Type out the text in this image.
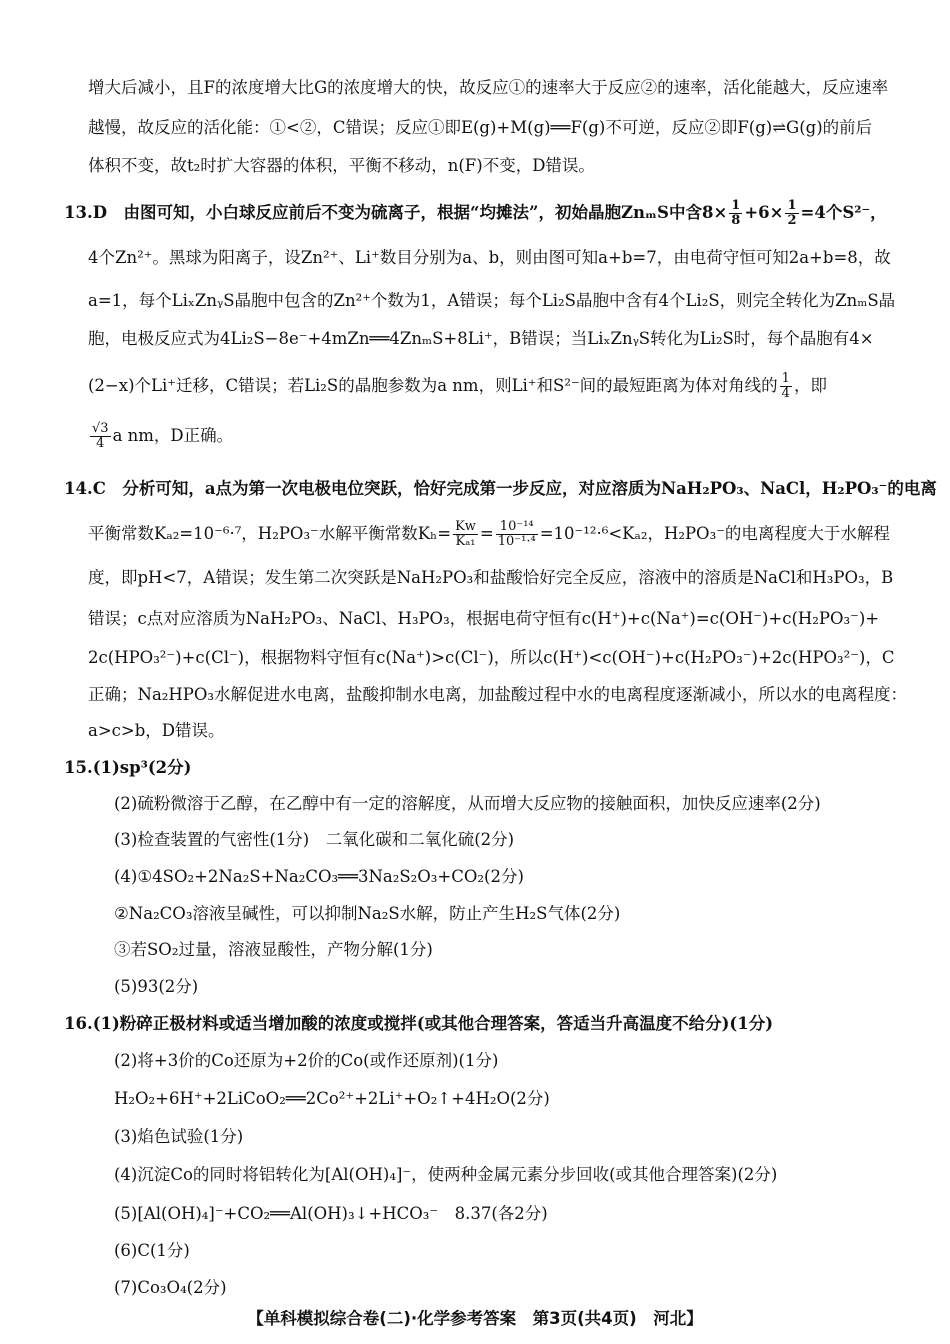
增大后减小，且F的浓度增大比G的浓度增大的快，故反应①的速率大于反应②的速率，活化能越大，反应速率
越慢，故反应的活化能：①<②，C错误；反应①即E(g)+M(g)══F(g)不可逆，反应②即F(g)⇌G(g)的前后
体积不变，故t₂时扩大容器的体积，平衡不移动，n(F)不变，D错误。
13.D　由图可知，小白球反应前后不变为硫离子，根据“均摊法”，初始晶胞ZnₘS中含$8\times \frac{1}{8} +6\times \frac{1}{2} =4$个S²⁻，
4个Zn²⁺。黑球为阳离子，设Zn²⁺、Li⁺数目分别为a、b，则由图可知a+b=7，由电荷守恒可知2a+b=8，故
a=1，每个LiₓZnᵧS晶胞中包含的Zn²⁺个数为1，A错误；每个Li₂S晶胞中含有4个Li₂S，则完全转化为ZnₘS晶
胞，电极反应式为4Li₂S−8e⁻+4mZn══4ZnₘS+8Li⁺，B错误；当LiₓZnᵧS转化为Li₂S时，每个晶胞有4×
(2−x)个Li⁺迁移，C错误；若Li₂S的晶胞参数为a nm，则Li⁺和S²⁻间的最短距离为体对角线的 $\frac{1}{4}$ ，即
$\frac{√3}{4}$ a nm，D正确。
14.C　分析可知，a点为第一次电极电位突跃，恰好完成第一步反应，对应溶质为NaH₂PO₃、NaCl，H₂PO₃⁻的电离
平衡常数Kₐ₂=10⁻⁶·⁷，H₂PO₃⁻水解平衡常数$K_h= \frac{Kw}{\text{Kₐ₁}} = \frac{\text{10⁻¹⁴}}{\text{10⁻¹·⁴}} =10^{-12}\cdot^6<K_{a2}$，H₂PO₃⁻的电离程度大于水解程
度，即pH<7，A错误；发生第二次突跃是NaH₂PO₃和盐酸恰好完全反应，溶液中的溶质是NaCl和H₃PO₃，B
错误；c点对应溶质为NaH₂PO₃、NaCl、H₃PO₃，根据电荷守恒有c(H⁺)+c(Na⁺)=c(OH⁻)+c(H₂PO₃⁻)+
2c(HPO₃²⁻)+c(Cl⁻)，根据物料守恒有c(Na⁺)>c(Cl⁻)，所以c(H⁺)<c(OH⁻)+c(H₂PO₃⁻)+2c(HPO₃²⁻)，C
正确；Na₂HPO₃水解促进水电离，盐酸抑制水电离，加盐酸过程中水的电离程度逐渐减小，所以水的电离程度：
a>c>b，D错误。
15.(1)sp³(2分)
(2)硫粉微溶于乙醇，在乙醇中有一定的溶解度，从而增大反应物的接触面积，加快反应速率(2分)
(3)检查装置的气密性(1分)　二氧化碳和二氧化硫(2分)
(4)①4SO₂+2Na₂S+Na₂CO₃══3Na₂S₂O₃+CO₂(2分)
②Na₂CO₃溶液呈碱性，可以抑制Na₂S水解，防止产生H₂S气体(2分)
③若SO₂过量，溶液显酸性，产物分解(1分)
(5)93(2分)
16.(1)粉碎正极材料或适当增加酸的浓度或搅拌(或其他合理答案，答适当升高温度不给分)(1分)
(2)将+3价的Co还原为+2价的Co(或作还原剂)(1分)
H₂O₂+6H⁺+2LiCoO₂══2Co²⁺+2Li⁺+O₂↑+4H₂O(2分)
(3)焰色试验(1分)
(4)沉淀Co的同时将铝转化为[Al(OH)₄]⁻，使两种金属元素分步回收(或其他合理答案)(2分)
(5)[Al(OH)₄]⁻+CO₂══Al(OH)₃↓+HCO₃⁻　8.37(各2分)
(6)C(1分)
(7)Co₃O₄(2分)
【单科模拟综合卷(二)·化学参考答案　第3页(共4页)　河北】
